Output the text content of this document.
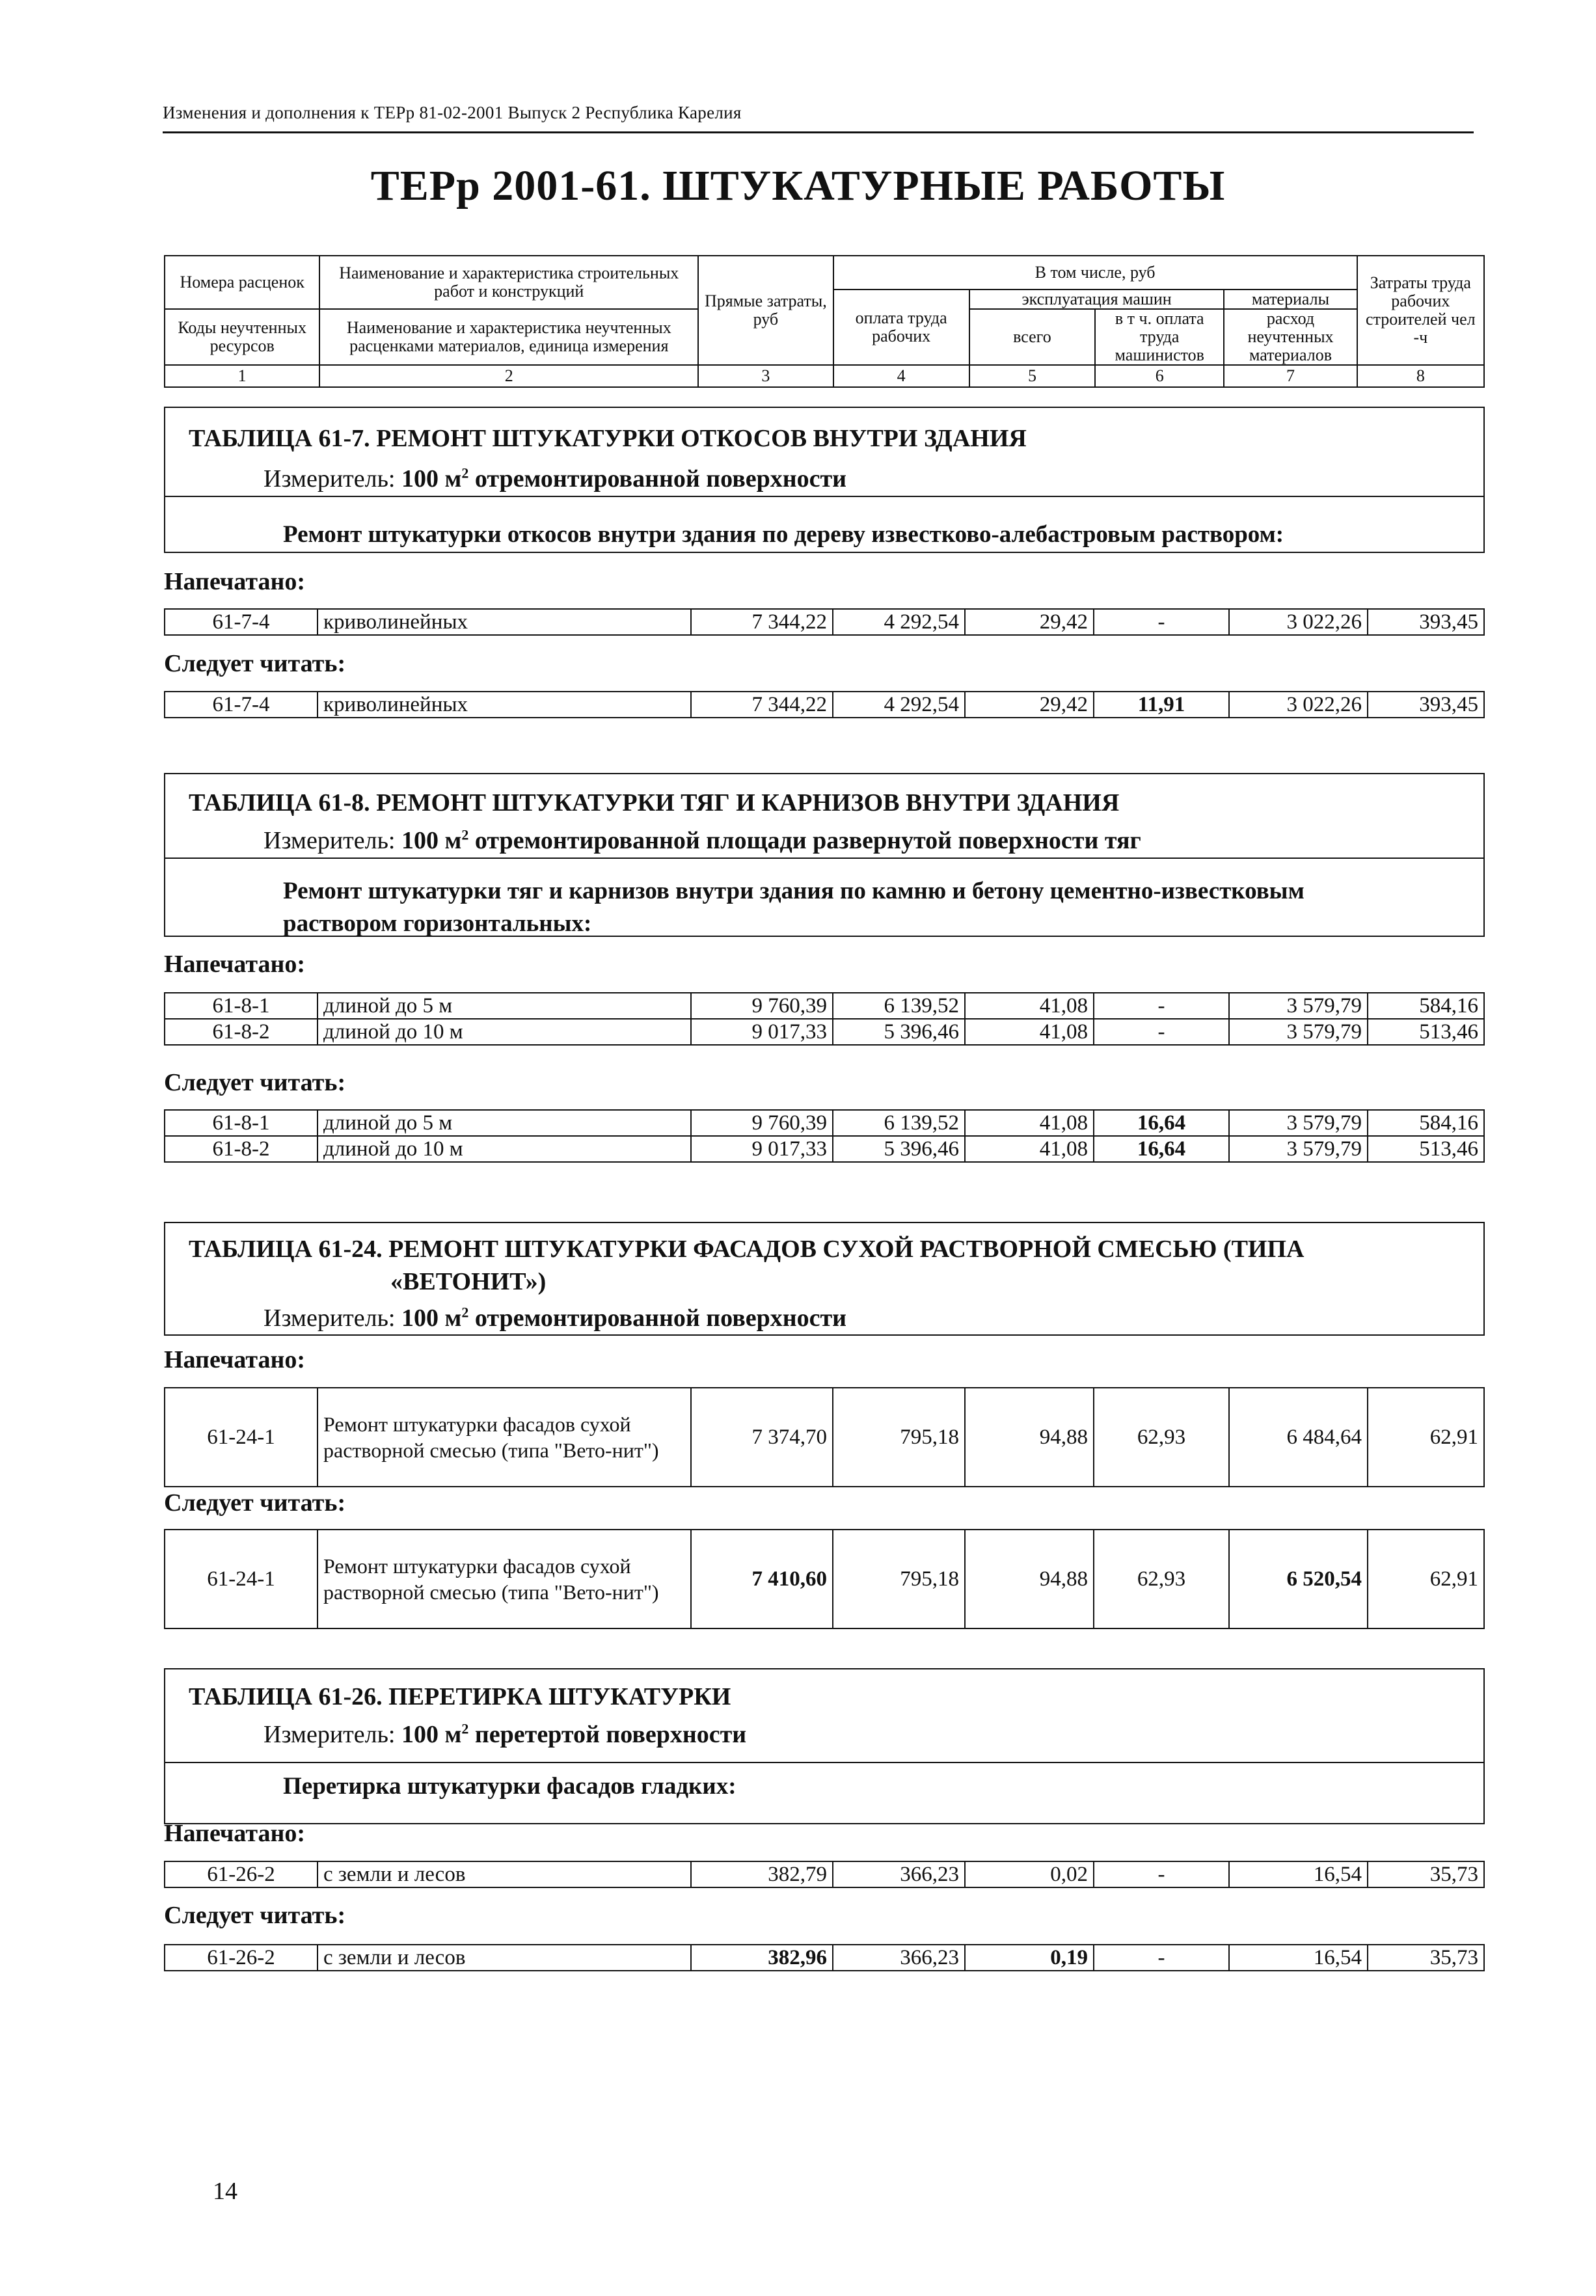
Изменения и дополнения к ТЕРр 81-02-2001 Выпуск 2 Республика Карелия
ТЕРр 2001-61. ШТУКАТУРНЫЕ РАБОТЫ
Номера расценок	Наименование и характеристика строительных работ и конструкций	Прямые затраты, руб	В том числе, руб				Затраты труда рабочих строителей чел -ч
			оплата труда рабочих	эксплуатация машин		материалы	
Коды неучтенных ресурсов	Наименование и характеристика неучтенных расценками материалов, единица измерения			всего	в т ч. оплата труда машинистов	расход неучтенных материалов	

1	2	3	4	5	6	7	8
ТАБЛИЦА 61-7. РЕМОНТ ШТУКАТУРКИ ОТКОСОВ ВНУТРИ ЗДАНИЯ
Измеритель: 100 $м^2$ отремонтированной поверхности
Ремонт штукатурки откосов внутри здания по дереву известково-алебастровым раствором:
Напечатано:
61-7-4	криволинейных	7 344,22	4 292,54	29,42	-	3 022,26	393,45
Следует читать:
61-7-4	криволинейных	7 344,22	4 292,54	29,42	11,91	3 022,26	393,45
ТАБЛИЦА 61-8. РЕМОНТ ШТУКАТУРКИ ТЯГ И КАРНИЗОВ ВНУТРИ ЗДАНИЯ
Измеритель: 100 $м^2$ отремонтированной площади развернутой поверхности тяг
Ремонт штукатурки тяг и карнизов внутри здания по камню и бетону цементно-известковым
раствором горизонтальных:
Напечатано:
61-8-1	длиной до 5 м	9 760,39	6 139,52	41,08	-	3 579,79	584,16
61-8-2	длиной до 10 м	9 017,33	5 396,46	41,08	-	3 579,79	513,46
Следует читать:
61-8-1	длиной до 5 м	9 760,39	6 139,52	41,08	16,64	3 579,79	584,16
61-8-2	длиной до 10 м	9 017,33	5 396,46	41,08	16,64	3 579,79	513,46
ТАБЛИЦА 61-24. РЕМОНТ ШТУКАТУРКИ ФАСАДОВ СУХОЙ РАСТВОРНОЙ СМЕСЬЮ (ТИПА
«ВЕТОНИТ»)
Измеритель: 100 $м^2$ отремонтированной поверхности
Напечатано:
61-24-1	Ремонт штукатурки фасадов сухой растворной смесью (типа "Вето-нит")	7 374,70	795,18	94,88	62,93	6 484,64	62,91
Следует читать:
61-24-1	Ремонт штукатурки фасадов сухой растворной смесью (типа "Вето-нит")	7 410,60	795,18	94,88	62,93	6 520,54	62,91
ТАБЛИЦА 61-26. ПЕРЕТИРКА ШТУКАТУРКИ
Измеритель: 100 $м^2$ перетертой поверхности
Перетирка штукатурки фасадов гладких:
Напечатано:
61-26-2	с земли и лесов	382,79	366,23	0,02	-	16,54	35,73
Следует читать:
61-26-2	с земли и лесов	382,96	366,23	0,19	-	16,54	35,73
14
